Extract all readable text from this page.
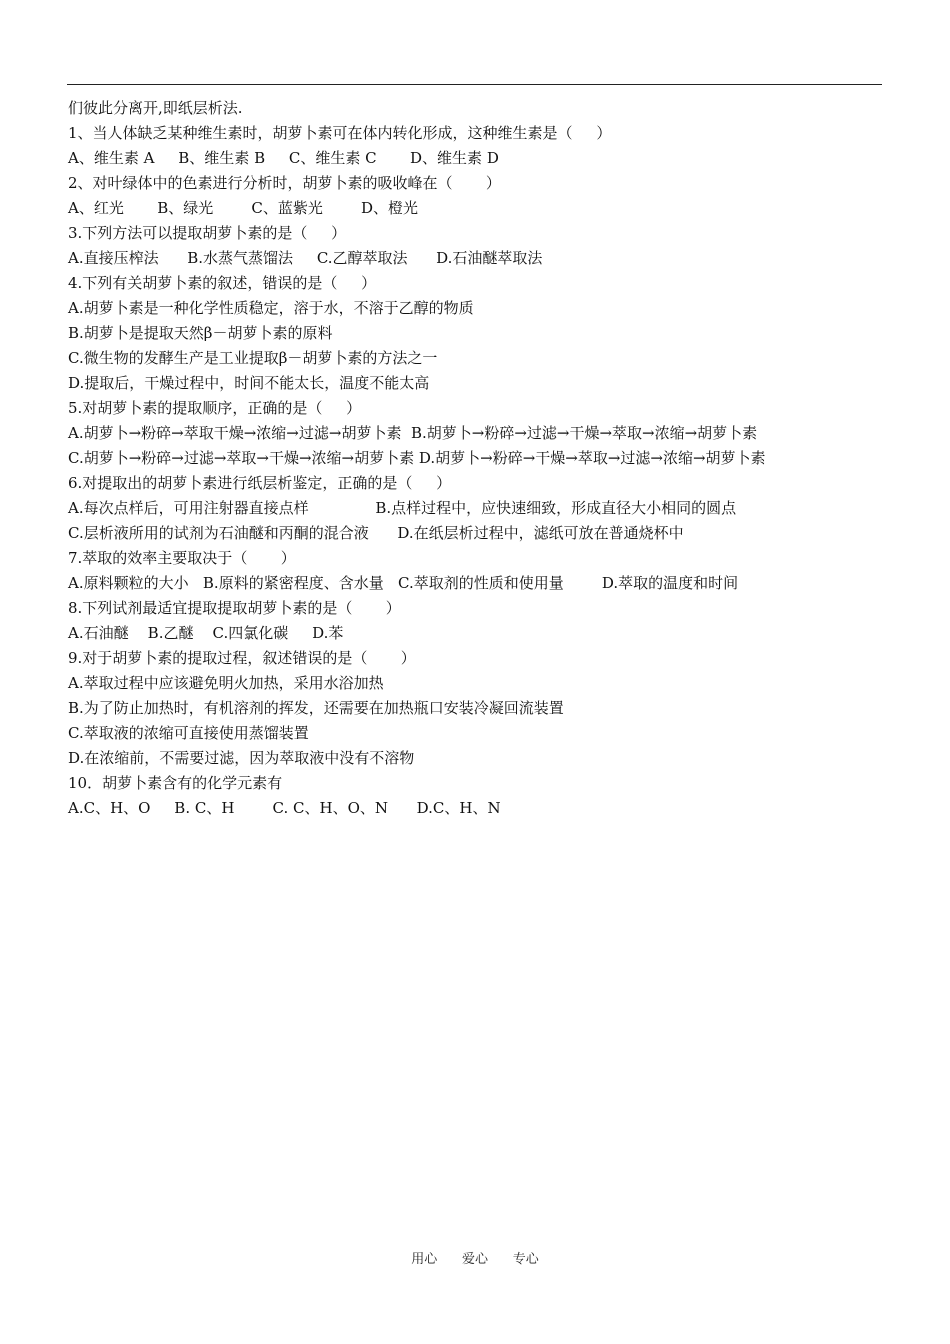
们彼此分离开,即纸层析法.
1、当人体缺乏某种维生素时，胡萝卜素可在体内转化形成，这种维生素是（     ）
A、维生素 A     B、维生素 B     C、维生素 C       D、维生素 D
2、对叶绿体中的色素进行分析时，胡萝卜素的吸收峰在（       ）
A、红光       B、绿光        C、蓝紫光        D、橙光
3.下列方法可以提取胡萝卜素的是（     ）
A.直接压榨法      B.水蒸气蒸馏法     C.乙醇萃取法      D.石油醚萃取法
4.下列有关胡萝卜素的叙述，错误的是（     ）
A.胡萝卜素是一种化学性质稳定，溶于水，不溶于乙醇的物质
B.胡萝卜是提取天然β－胡萝卜素的原料
C.微生物的发酵生产是工业提取β－胡萝卜素的方法之一
D.提取后，干燥过程中，时间不能太长，温度不能太高
5.对胡萝卜素的提取顺序，正确的是（     ）
A.胡萝卜→粉碎→萃取干燥→浓缩→过滤→胡萝卜素  B.胡萝卜→粉碎→过滤→干燥→萃取→浓缩→胡萝卜素
C.胡萝卜→粉碎→过滤→萃取→干燥→浓缩→胡萝卜素 D.胡萝卜→粉碎→干燥→萃取→过滤→浓缩→胡萝卜素
6.对提取出的胡萝卜素进行纸层析鉴定，正确的是（     ）
A.每次点样后，可用注射器直接点样              B.点样过程中，应快速细致，形成直径大小相同的圆点
C.层析液所用的试剂为石油醚和丙酮的混合液      D.在纸层析过程中，滤纸可放在普通烧杯中
7.萃取的效率主要取决于（       ）
A.原料颗粒的大小   B.原料的紧密程度、含水量   C.萃取剂的性质和使用量        D.萃取的温度和时间
8.下列试剂最适宜提取提取胡萝卜素的是（       ）
A.石油醚    B.乙醚    C.四氯化碳     D.苯
9.对于胡萝卜素的提取过程，叙述错误的是（       ）
A.萃取过程中应该避免明火加热，采用水浴加热
B.为了防止加热时，有机溶剂的挥发，还需要在加热瓶口安装冷凝回流装置
C.萃取液的浓缩可直接使用蒸馏装置
D.在浓缩前，不需要过滤，因为萃取液中没有不溶物
10．胡萝卜素含有的化学元素有
A.C、H、O     B. C、H        C. C、H、O、N      D.C、H、N
用心      爱心      专心
